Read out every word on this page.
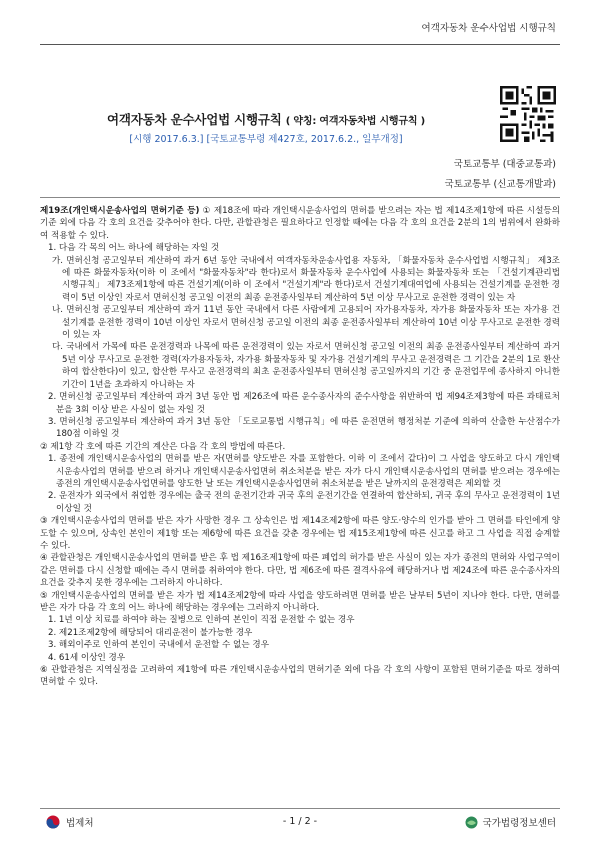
여객자동차 운수사업법 시행규칙
여객자동차 운수사업법 시행규칙 ( 약칭: 여객자동차법 시행규칙 )
[시행 2017.6.3.] [국토교통부령 제427호, 2017.6.2., 일부개정]
국토교통부 (대중교통과)
국토교통부 (신교통개발과)

제19조(개인택시운송사업의 면허기준 등) ① 제18조에 따라 개인택시운송사업의 면허를 받으려는 자는 법 제14조제1항에 따른 시설등의 기준 외에 다음 각 호의 요건을 갖추어야 한다. 다만, 관할관청은 필요하다고 인정할 때에는 다음 각 호의 요건을 2분의 1의 범위에서 완화하여 적용할 수 있다.

1. 다음 각 목의 어느 하나에 해당하는 자일 것

가. 면허신청 공고일부터 계산하여 과거 6년 동안 국내에서 여객자동차운송사업용 자동차, 「화물자동차 운수사업법 시행규칙」 제3조에 따른 화물자동차(이하 이 조에서 "화물자동차"라 한다)로서 화물자동차 운수사업에 사용되는 화물자동차 또는 「건설기계관리법 시행규칙」 제73조제1항에 따른 건설기계(이하 이 조에서 "건설기계"라 한다)로서 건설기계대여업에 사용되는 건설기계를 운전한 경력이 5년 이상인 자로서 면허신청 공고일 이전의 최종 운전종사일부터 계산하여 5년 이상 무사고로 운전한 경력이 있는 자

나. 면허신청 공고일부터 계산하여 과거 11년 동안 국내에서 다른 사람에게 고용되어 자가용자동차, 자가용 화물자동차 또는 자가용 건설기계를 운전한 경력이 10년 이상인 자로서 면허신청 공고일 이전의 최종 운전종사일부터 계산하여 10년 이상 무사고로 운전한 경력이 있는 자

다. 국내에서 가목에 따른 운전경력과 나목에 따른 운전경력이 있는 자로서 면허신청 공고일 이전의 최종 운전종사일부터 계산하여 과거 5년 이상 무사고로 운전한 경력(자가용자동차, 자가용 화물자동차 및 자가용 건설기계의 무사고 운전경력은 그 기간을 2분의 1로 환산하여 합산한다)이 있고, 합산한 무사고 운전경력의 최초 운전종사일부터 면허신청 공고일까지의 기간 중 운전업무에 종사하지 아니한 기간이 1년을 초과하지 아니하는 자

2. 면허신청 공고일부터 계산하여 과거 3년 동안 법 제26조에 따른 운수종사자의 준수사항을 위반하여 법 제94조제3항에 따른 과태료처분을 3회 이상 받은 사실이 없는 자일 것

3. 면허신청 공고일부터 계산하여 과거 3년 동안 「도로교통법 시행규칙」에 따른 운전면허 행정처분 기준에 의하여 산출한 누산점수가 180점 이하일 것

② 제1항 각 호에 따른 기간의 계산은 다음 각 호의 방법에 따른다.

1. 종전에 개인택시운송사업의 면허를 받은 자(면허를 양도받은 자를 포함한다. 이하 이 조에서 같다)이 그 사업을 양도하고 다시 개인택시운송사업의 면허를 받으려 하거나 개인택시운송사업면허 취소처분을 받은 자가 다시 개인택시운송사업의 면허를 받으려는 경우에는 종전의 개인택시운송사업면허를 양도한 날 또는 개인택시운송사업면허 취소처분을 받은 날까지의 운전경력은 제외할 것

2. 운전자가 외국에서 취업한 경우에는 출국 전의 운전기간과 귀국 후의 운전기간을 연결하여 합산하되, 귀국 후의 무사고 운전경력이 1년 이상일 것

③ 개인택시운송사업의 면허를 받은 자가 사망한 경우 그 상속인은 법 제14조제2항에 따른 양도·양수의 인가를 받아 그 면허를 타인에게 양도할 수 있으며, 상속인 본인이 제1항 또는 제6항에 따른 요건을 갖춘 경우에는 법 제15조제1항에 따른 신고를 하고 그 사업을 직접 승계할 수 있다.

④ 관할관청은 개인택시운송사업의 면허를 받은 후 법 제16조제1항에 따른 폐업의 허가를 받은 사실이 있는 자가 종전의 면허와 사업구역이 같은 면허를 다시 신청할 때에는 즉시 면허를 취하여야 한다. 다만, 법 제6조에 따른 결격사유에 해당하거나 법 제24조에 따른 운수종사자의 요건을 갖추지 못한 경우에는 그러하지 아니하다.

⑤ 개인택시운송사업의 면허를 받은 자가 법 제14조제2항에 따라 사업을 양도하려면 면허를 받은 날부터 5년이 지나야 한다. 다만, 면허를 받은 자가 다음 각 호의 어느 하나에 해당하는 경우에는 그러하지 아니하다.

1. 1년 이상 치료를 하여야 하는 질병으로 인하여 본인이 직접 운전할 수 없는 경우

2. 제21조제2항에 해당되어 대리운전이 불가능한 경우

3. 해외이주로 인하여 본인이 국내에서 운전할 수 없는 경우

4. 61세 이상인 경우

⑥ 관할관청은 지역실정을 고려하여 제1항에 따른 개인택시운송사업의 면허기준 외에 다음 각 호의 사항이 포함된 면허기준을 따로 정하여 면허할 수 있다.

법제처	- 1 / 2 -	국가법령정보센터
